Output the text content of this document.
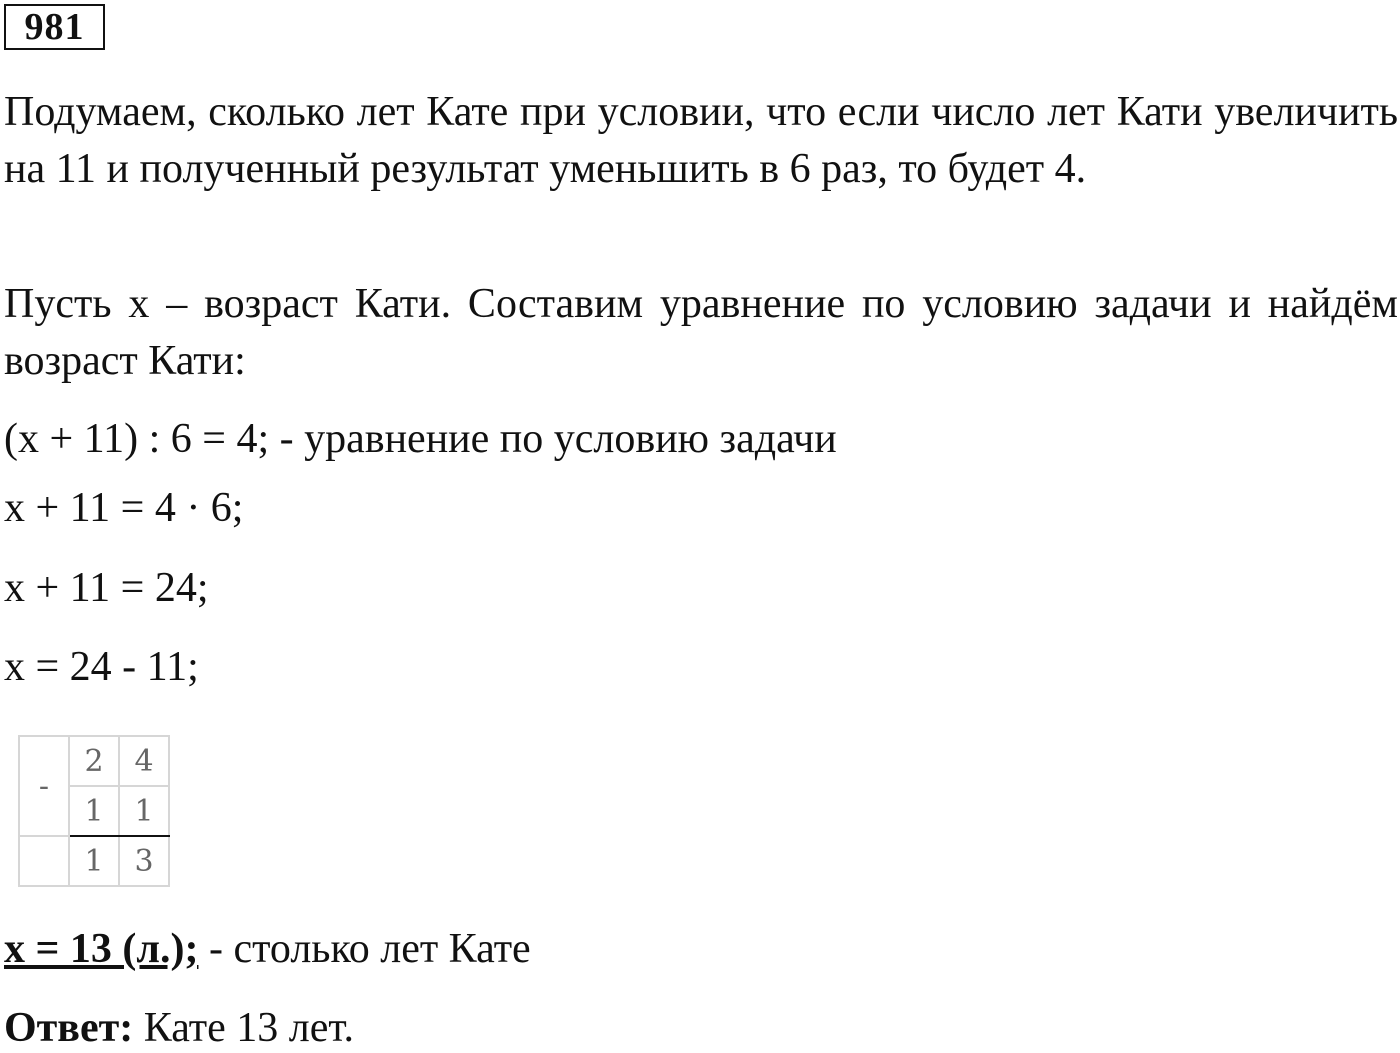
981

Подумаем, сколько лет Кате при условии, что если число лет Кати увеличить на 11 и полученный результат уменьшить в 6 раз, то будет 4.

Пусть x – возраст Кати. Составим уравнение по условию задачи и найдём возраст Кати:

(x + 11) : 6 = 4; - уравнение по условию задачи

x + 11 = 4 · 6;

x + 11 = 24;

x = 24 - 11;

-	2	4
	1	1
	1	3

x = 13 (л.); - столько лет Кате

Ответ: Кате 13 лет.
